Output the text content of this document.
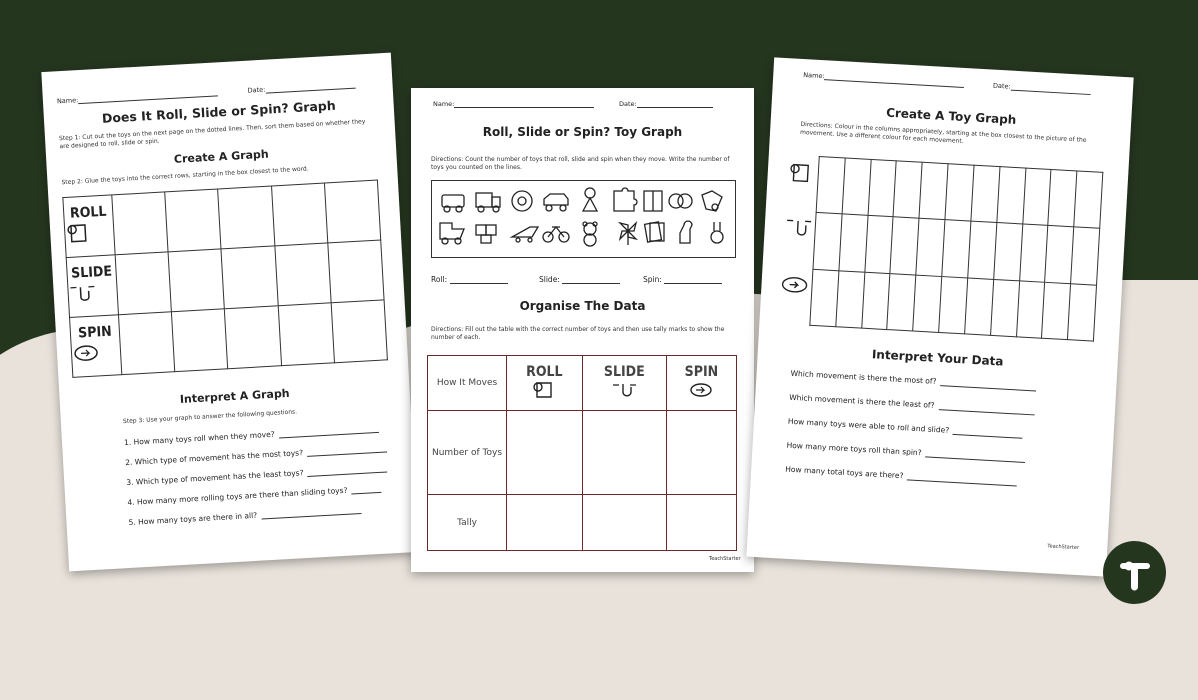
Name:
Date:
Does It Roll, Slide or Spin? Graph
Step 1: Cut out the toys on the next page on the dotted lines. Then, sort them based on whether they are designed to roll, slide or spin.
Create A Graph
Step 2: Glue the toys into the correct rows, starting in the box closest to the word.
ROLL					

SLIDE					

SPIN					

Interpret A Graph
Step 3: Use your graph to answer the following questions.
1. How many toys roll when they move?
2. Which type of movement has the most toys?
3. Which type of movement has the least toys?
4. How many more rolling toys are there than sliding toys?
5. How many toys are there in all?
Name:	Date:
Roll, Slide or Spin? Toy Graph
Directions: Count the number of toys that roll, slide and spin when they move. Write the number of toys you counted on the lines.
Roll:	Slide:	Spin:
Organise The Data
Directions: Fill out the table with the correct number of toys and then use tally marks to show the number of each.
How It Moves	ROLL	SLIDE	SPIN

Number of Toys			
Tally			
TeachStarter
Name:
Date:
Create A Toy Graph
Directions: Colour in the columns appropriately, starting at the box closest to the picture of the movement. Use a different colour for each movement.

Interpret Your Data
Which movement is there the most of?
Which movement is there the least of?
How many toys were able to roll and slide?
How many more toys roll than spin?
How many total toys are there?
TeachStarter
